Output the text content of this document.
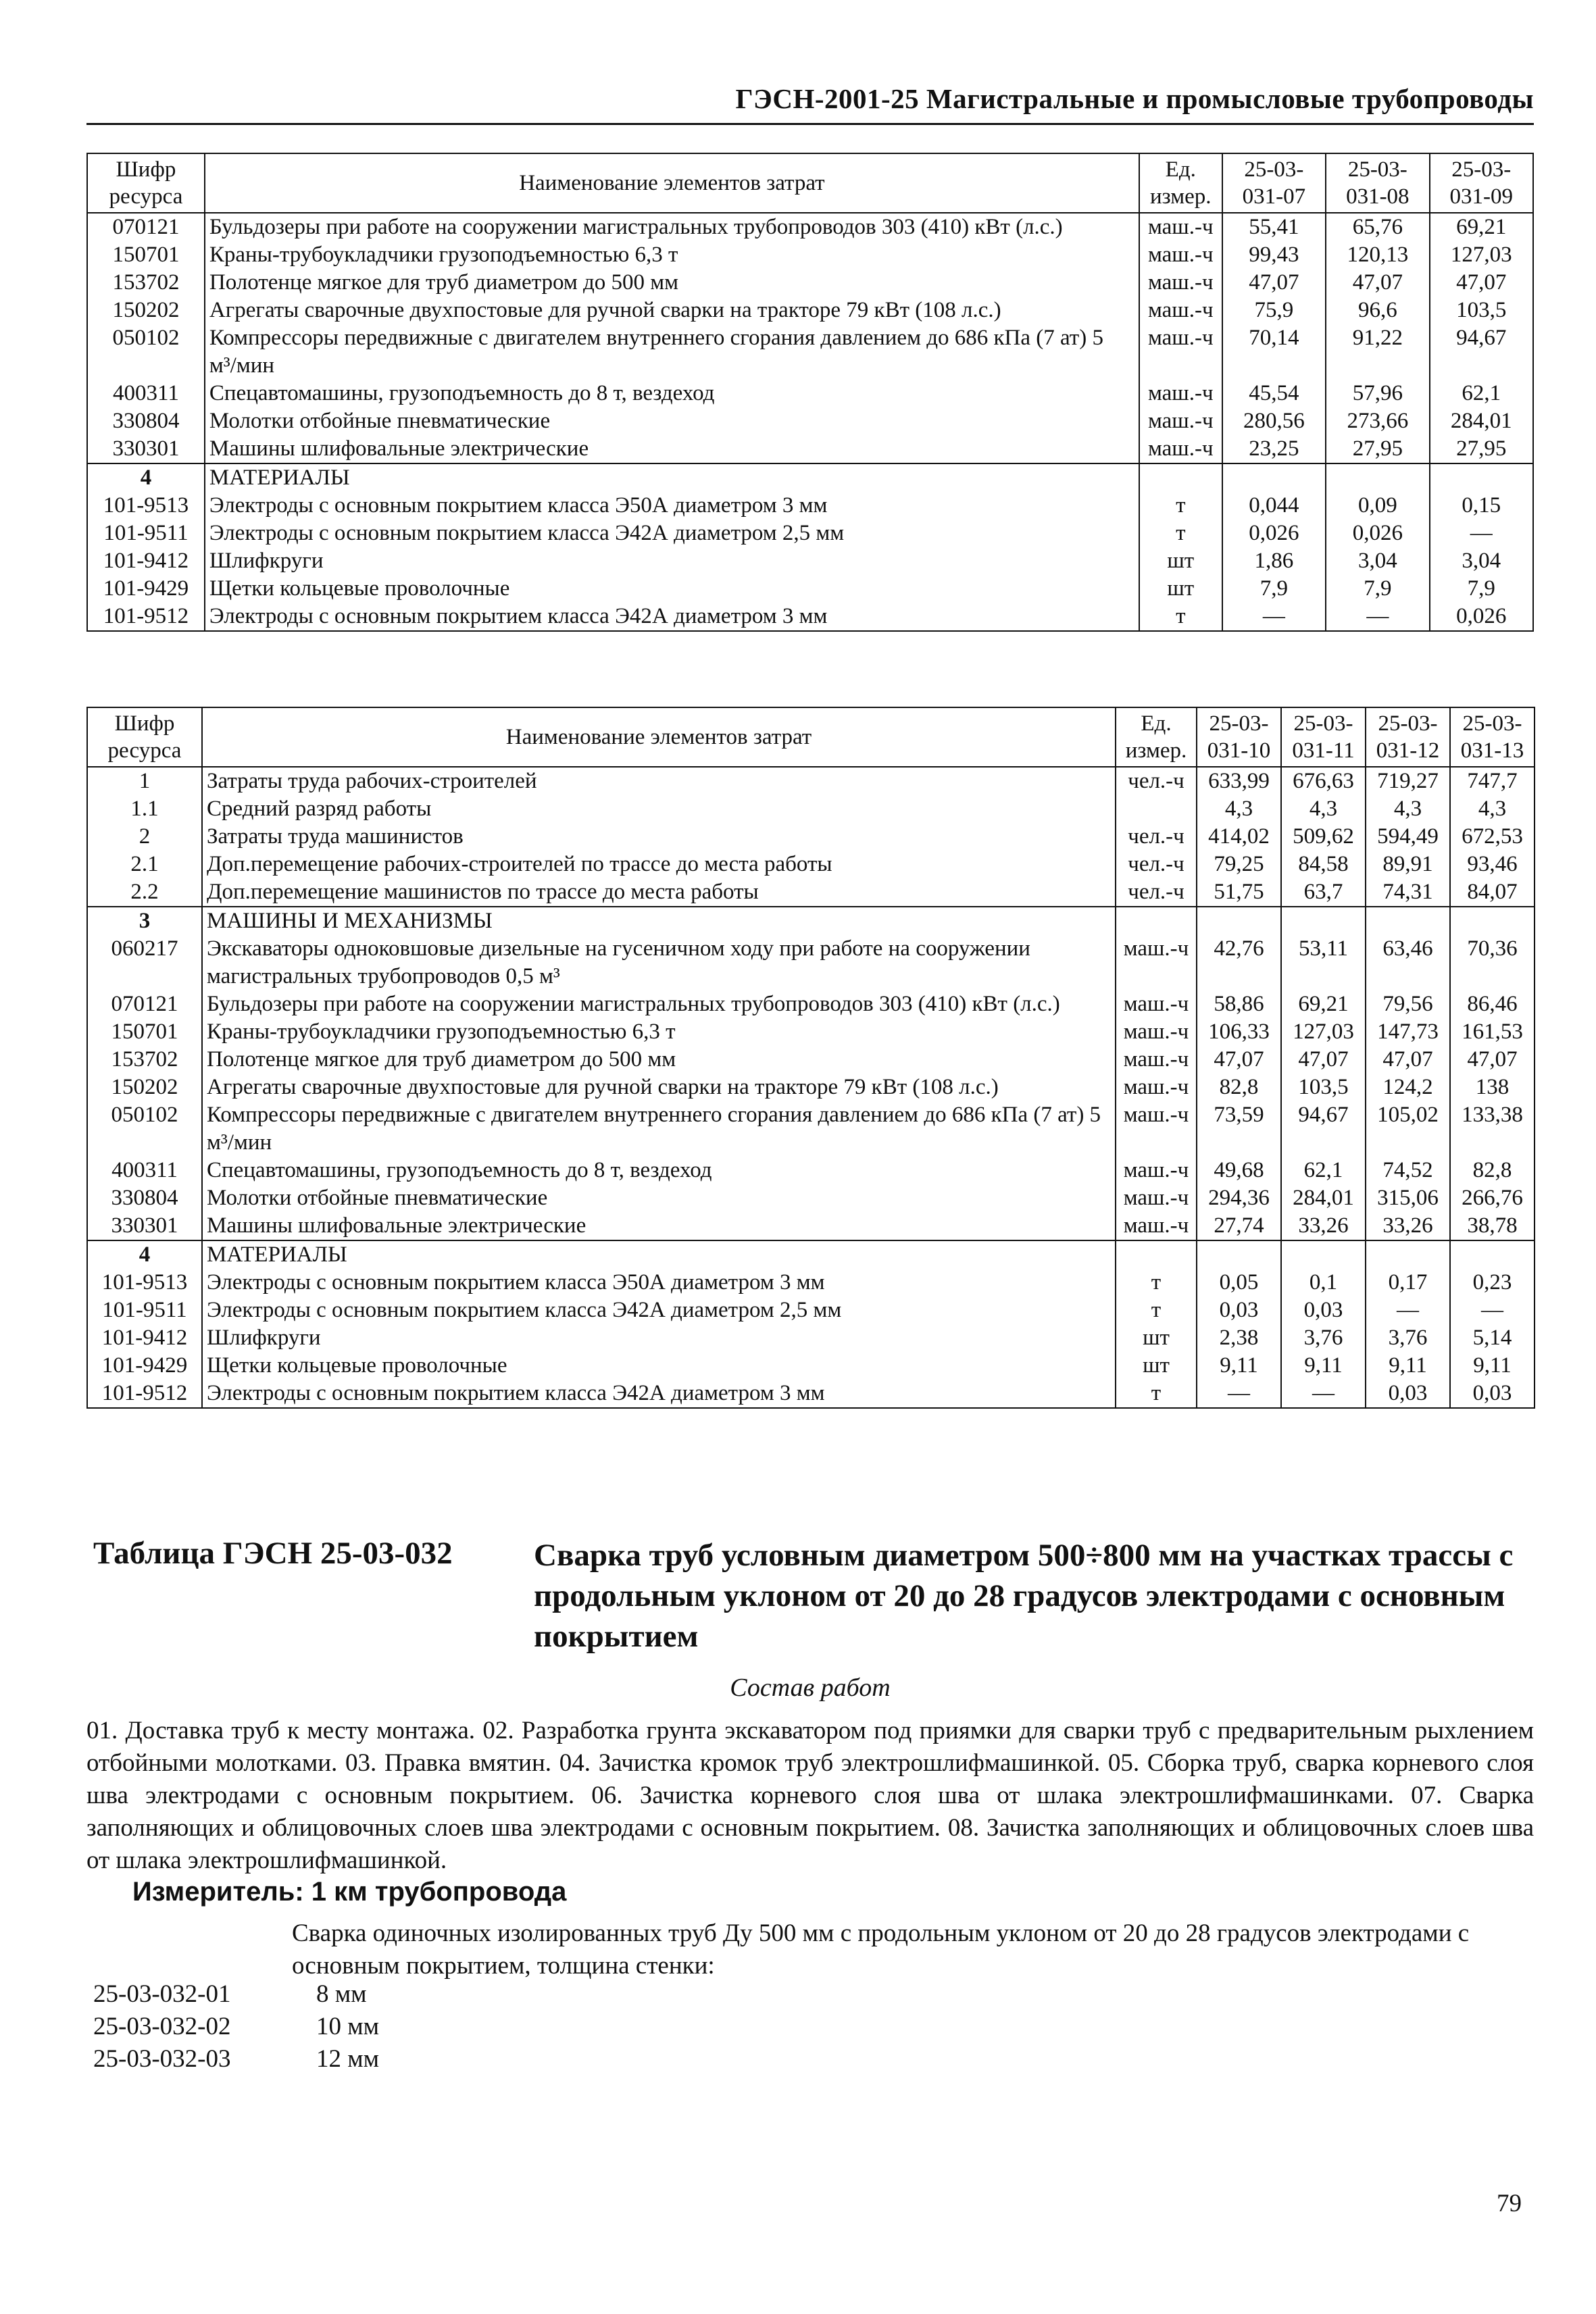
ГЭСН-2001-25 Магистральные и промысловые трубопроводы
Шифр ресурса	Наименование элементов затрат	Ед. измер.	25-03-031-07	25-03-031-08	25-03-031-09
070121	Бульдозеры при работе на сооружении магистральных трубопроводов 303 (410) кВт (л.с.)	маш.-ч	55,41	65,76	69,21
150701	Краны-трубоукладчики грузоподъемностью 6,3 т	маш.-ч	99,43	120,13	127,03
153702	Полотенце мягкое для труб диаметром до 500 мм	маш.-ч	47,07	47,07	47,07
150202	Агрегаты сварочные двухпостовые для ручной сварки на тракторе 79 кВт (108 л.с.)	маш.-ч	75,9	96,6	103,5
050102	Компрессоры передвижные с двигателем внутреннего сгорания давлением до 686 кПа (7 ат) 5 м³/мин	маш.-ч	70,14	91,22	94,67
400311	Спецавтомашины, грузоподъемность до 8 т, вездеход	маш.-ч	45,54	57,96	62,1
330804	Молотки отбойные пневматические	маш.-ч	280,56	273,66	284,01
330301	Машины шлифовальные электрические	маш.-ч	23,25	27,95	27,95
4	МАТЕРИАЛЫ				
101-9513	Электроды с основным покрытием класса Э50А диаметром 3 мм	т	0,044	0,09	0,15
101-9511	Электроды с основным покрытием класса Э42А диаметром 2,5 мм	т	0,026	0,026	—
101-9412	Шлифкруги	шт	1,86	3,04	3,04
101-9429	Щетки кольцевые проволочные	шт	7,9	7,9	7,9
101-9512	Электроды с основным покрытием класса Э42А диаметром 3 мм	т	—	—	0,026
Шифр ресурса	Наименование элементов затрат	Ед. измер.	25-03-031-10	25-03-031-11	25-03-031-12	25-03-031-13
1	Затраты труда рабочих-строителей	чел.-ч	633,99	676,63	719,27	747,7
1.1	Средний разряд работы		4,3	4,3	4,3	4,3
2	Затраты труда машинистов	чел.-ч	414,02	509,62	594,49	672,53
2.1	Доп.перемещение рабочих-строителей по трассе до места работы	чел.-ч	79,25	84,58	89,91	93,46
2.2	Доп.перемещение машинистов по трассе до места работы	чел.-ч	51,75	63,7	74,31	84,07
3	МАШИНЫ И МЕХАНИЗМЫ					
060217	Экскаваторы одноковшовые дизельные на гусеничном ходу при работе на сооружении магистральных трубопроводов 0,5 м³	маш.-ч	42,76	53,11	63,46	70,36
070121	Бульдозеры при работе на сооружении магистральных трубопроводов 303 (410) кВт (л.с.)	маш.-ч	58,86	69,21	79,56	86,46
150701	Краны-трубоукладчики грузоподъемностью 6,3 т	маш.-ч	106,33	127,03	147,73	161,53
153702	Полотенце мягкое для труб диаметром до 500 мм	маш.-ч	47,07	47,07	47,07	47,07
150202	Агрегаты сварочные двухпостовые для ручной сварки на тракторе 79 кВт (108 л.с.)	маш.-ч	82,8	103,5	124,2	138
050102	Компрессоры передвижные с двигателем внутреннего сгорания давлением до 686 кПа (7 ат) 5 м³/мин	маш.-ч	73,59	94,67	105,02	133,38
400311	Спецавтомашины, грузоподъемность до 8 т, вездеход	маш.-ч	49,68	62,1	74,52	82,8
330804	Молотки отбойные пневматические	маш.-ч	294,36	284,01	315,06	266,76
330301	Машины шлифовальные электрические	маш.-ч	27,74	33,26	33,26	38,78
4	МАТЕРИАЛЫ					
101-9513	Электроды с основным покрытием класса Э50А диаметром 3 мм	т	0,05	0,1	0,17	0,23
101-9511	Электроды с основным покрытием класса Э42А диаметром 2,5 мм	т	0,03	0,03	—	—
101-9412	Шлифкруги	шт	2,38	3,76	3,76	5,14
101-9429	Щетки кольцевые проволочные	шт	9,11	9,11	9,11	9,11
101-9512	Электроды с основным покрытием класса Э42А диаметром 3 мм	т	—	—	0,03	0,03
Таблица ГЭСН 25-03-032	Сварка труб условным диаметром 500÷800 мм на участках трассы с продольным уклоном от 20 до 28 градусов электродами с основным покрытием
Состав работ
01. Доставка труб к месту монтажа. 02. Разработка грунта экскаватором под приямки для сварки труб с предварительным рыхлением отбойными молотками. 03. Правка вмятин. 04. Зачистка кромок труб электрошлифмашинкой. 05. Сборка труб, сварка корневого слоя шва электродами с основным покрытием. 06. Зачистка корневого слоя шва от шлака электрошлифмашинками. 07. Сварка заполняющих и облицовочных слоев шва электродами с основным покрытием. 08. Зачистка заполняющих и облицовочных слоев шва от шлака электрошлифмашинкой.
Измеритель: 1 км трубопровода
Сварка одиночных изолированных труб Ду 500 мм с продольным уклоном от 20 до 28 градусов электродами с основным покрытием, толщина стенки:
25-03-032-01	8 мм
25-03-032-02	10 мм
25-03-032-03	12 мм
79
